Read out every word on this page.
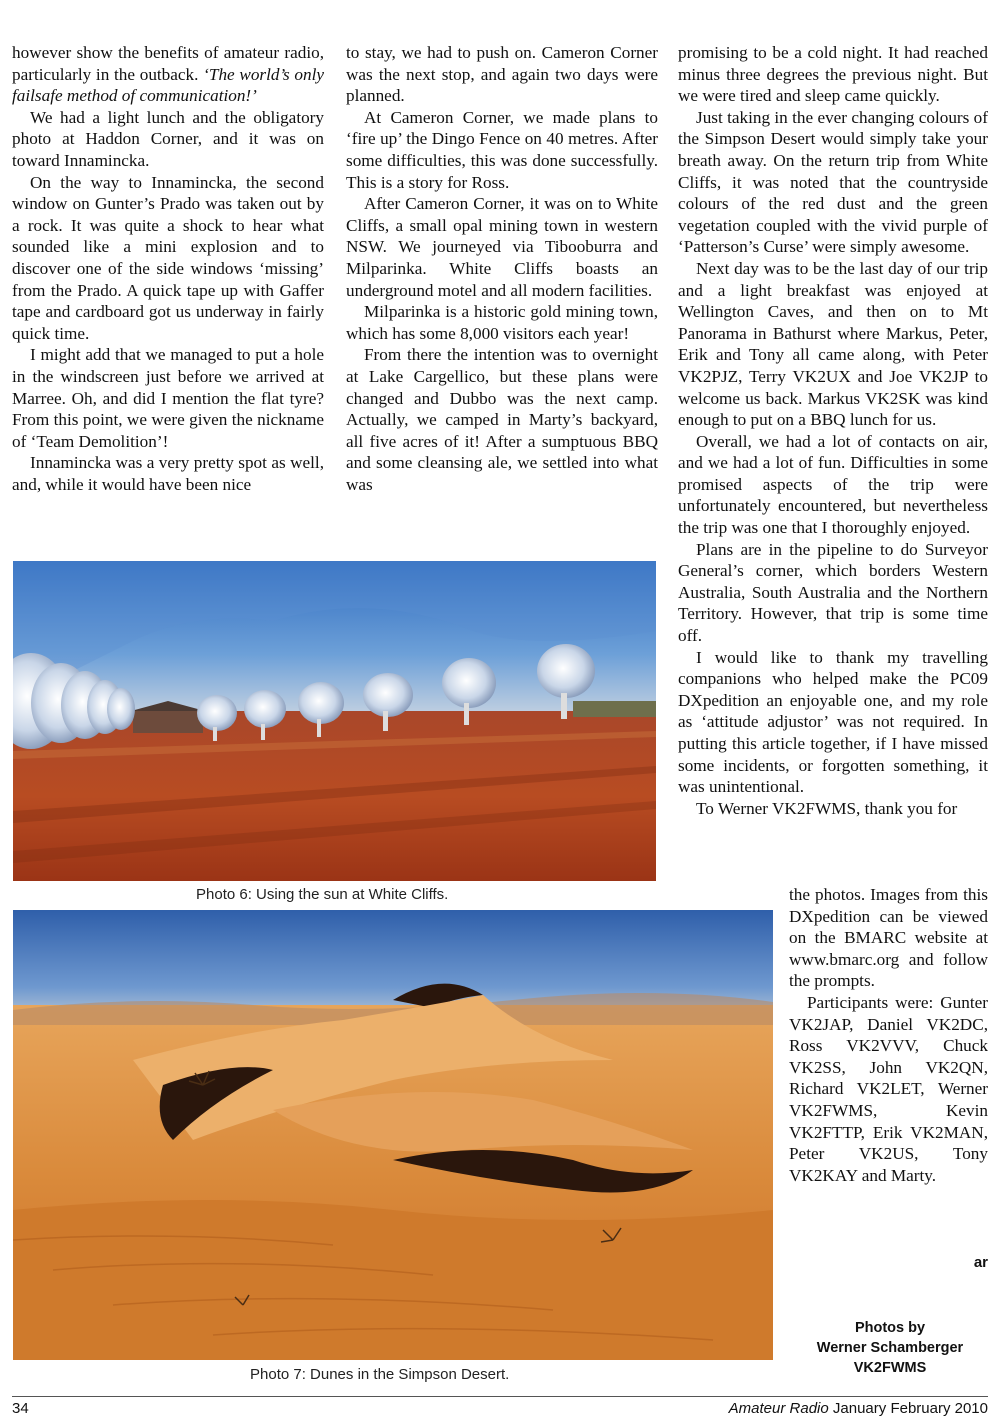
however show the benefits of amateur radio, particularly in the outback. ‘The world’s only failsafe method of communication!’

We had a light lunch and the obligatory photo at Haddon Corner, and it was on toward Innamincka.

On the way to Innamincka, the second window on Gunter’s Prado was taken out by a rock. It was quite a shock to hear what sounded like a mini explosion and to discover one of the side windows ‘missing’ from the Prado. A quick tape up with Gaffer tape and cardboard got us underway in fairly quick time.

I might add that we managed to put a hole in the windscreen just before we arrived at Marree. Oh, and did I mention the flat tyre? From this point, we were given the nickname of ‘Team Demolition’!

Innamincka was a very pretty spot as well, and, while it would have been nice

to stay, we had to push on. Cameron Corner was the next stop, and again two days were planned.

At Cameron Corner, we made plans to ‘fire up’ the Dingo Fence on 40 metres. After some difficulties, this was done successfully. This is a story for Ross.

After Cameron Corner, it was on to White Cliffs, a small opal mining town in western NSW. We journeyed via Tibooburra and Milparinka. White Cliffs boasts an underground motel and all modern facilities.

Milparinka is a historic gold mining town, which has some 8,000 visitors each year!

From there the intention was to overnight at Lake Cargellico, but these plans were changed and Dubbo was the next camp. Actually, we camped in Marty’s backyard, all five acres of it! After a sumptuous BBQ and some cleansing ale, we settled into what was

promising to be a cold night. It had reached minus three degrees the previous night. But we were tired and sleep came quickly.

Just taking in the ever changing colours of the Simpson Desert would simply take your breath away. On the return trip from White Cliffs, it was noted that the countryside colours of the red dust and the green vegetation coupled with the vivid purple of ‘Patterson’s Curse’ were simply awesome.

Next day was to be the last day of our trip and a light breakfast was enjoyed at Wellington Caves, and then on to Mt Panorama in Bathurst where Markus, Peter, Erik and Tony all came along, with Peter VK2PJZ, Terry VK2UX and Joe VK2JP to welcome us back. Markus VK2SK was kind enough to put on a BBQ lunch for us.

Overall, we had a lot of contacts on air, and we had a lot of fun. Difficulties in some promised aspects of the trip were unfortunately encountered, but nevertheless the trip was one that I thoroughly enjoyed.

Plans are in the pipeline to do Surveyor General’s corner, which borders Western Australia, South Australia and the Northern Territory. However, that trip is some time off.

I would like to thank my travelling companions who helped make the PC09 DXpedition an enjoyable one, and my role as ‘attitude adjustor’ was not required. In putting this article together, if I have missed some incidents, or forgotten something, it was unintentional.

To Werner VK2FWMS, thank you for

the photos. Images from this DXpedition can be viewed on the BMARC website at www.bmarc.org and follow the prompts.

Participants were: Gunter VK2JAP, Daniel VK2DC, Ross VK2VVV, Chuck VK2SS, John VK2QN, Richard VK2LET, Werner VK2FWMS, Kevin VK2FTTP, Erik VK2MAN, Peter VK2US, Tony VK2KAY and Marty.

ar
Photos by
Werner Schamberger
VK2FWMS
Photo 6: Using the sun at White Cliffs.
Photo 7: Dunes in the Simpson Desert.
34	Amateur Radio January February 2010
